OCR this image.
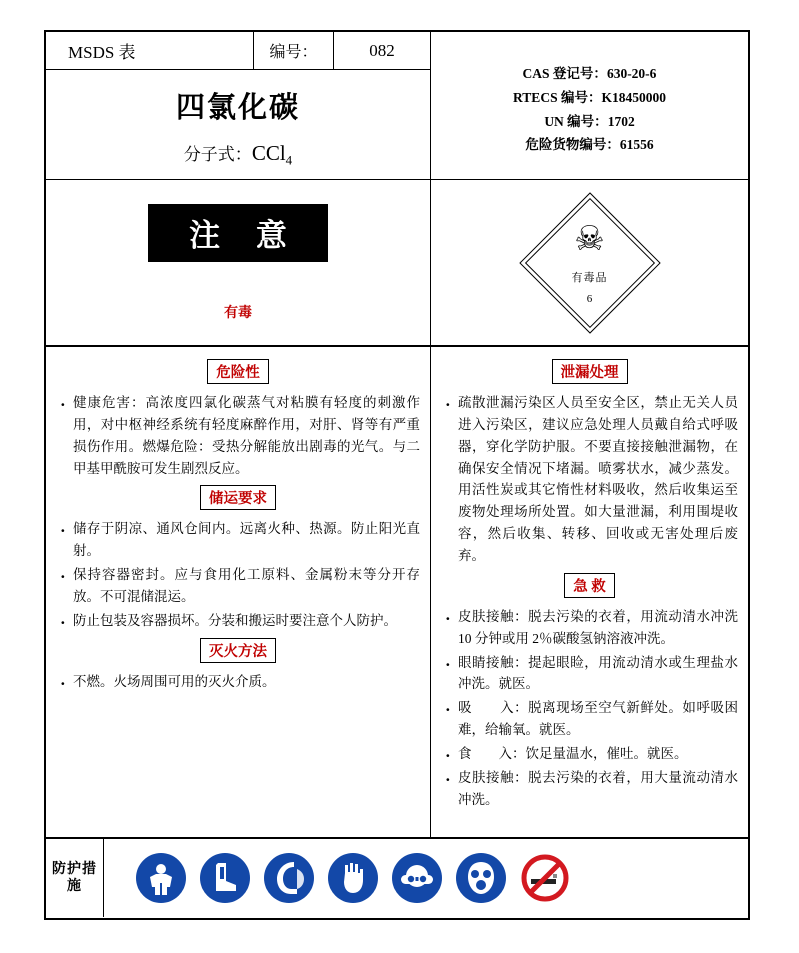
MSDS 表	编号：	082
四氯化碳
分子式：CCl$_4$
CAS 登记号：630-20-6
RTECS 编号：K18450000
UN 编号：1702
危险货物编号：61556
注 意
有毒
☠
有毒品
6
危险性
· 健康危害：高浓度四氯化碳蒸气对粘膜有轻度的刺激作用，对中枢神经系统有轻度麻醉作用，对肝、肾等有严重损伤作用。燃爆危险：受热分解能放出剧毒的光气。与二甲基甲酰胺可发生剧烈反应。
储运要求
· 储存于阴凉、通风仓间内。远离火种、热源。防止阳光直射。
· 保持容器密封。应与食用化工原料、金属粉末等分开存放。不可混储混运。
· 防止包装及容器损坏。分装和搬运时要注意个人防护。
灭火方法
· 不燃。火场周围可用的灭火介质。
泄漏处理
· 疏散泄漏污染区人员至安全区，禁止无关人员进入污染区，建议应急处理人员戴自给式呼吸器，穿化学防护服。不要直接接触泄漏物，在确保安全情况下堵漏。喷雾状水，减少蒸发。用活性炭或其它惰性材料吸收，然后收集运至废物处理场所处置。如大量泄漏，利用围堤收容，然后收集、转移、回收或无害处理后废弃。
急 救
· 皮肤接触：脱去污染的衣着，用流动清水冲洗 10 分钟或用 2％碳酸氢钠溶液冲洗。
· 眼睛接触：提起眼睑，用流动清水或生理盐水冲洗。就医。
· 吸　　入：脱离现场至空气新鲜处。如呼吸困难，给输氧。就医。
· 食　　入：饮足量温水，催吐。就医。
· 皮肤接触：脱去污染的衣着，用大量流动清水冲洗。
防护措施
